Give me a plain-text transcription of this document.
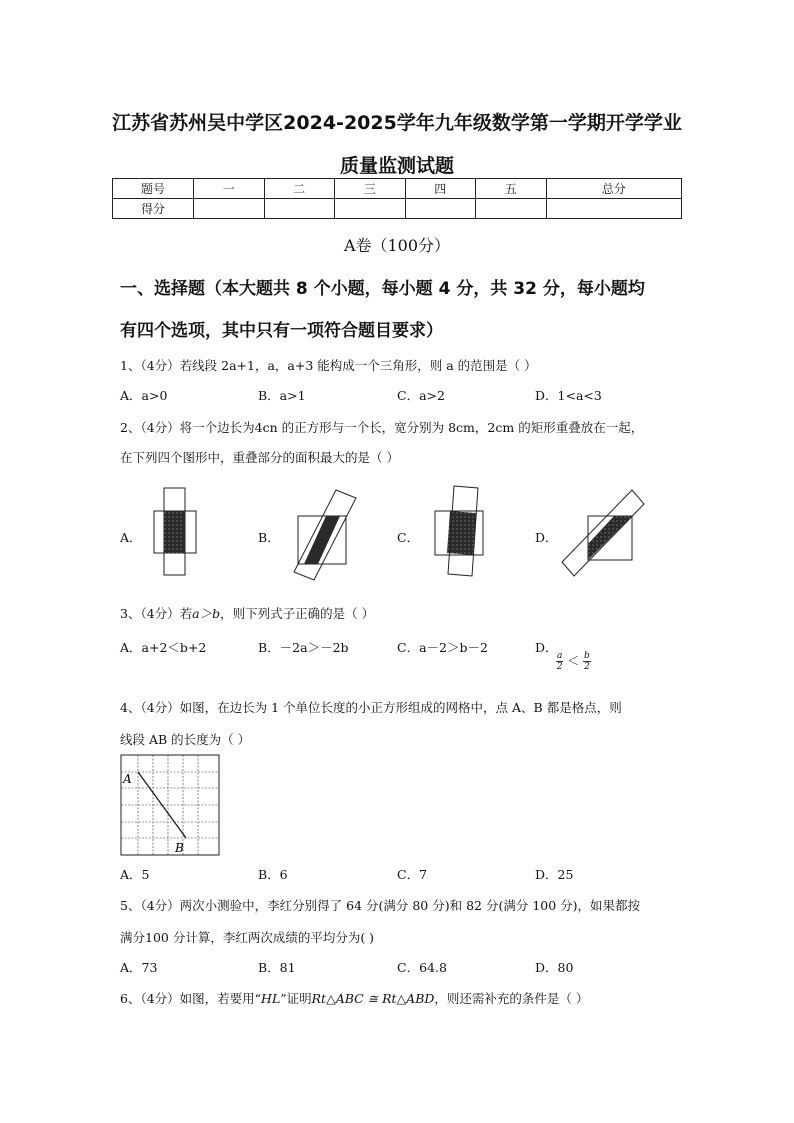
江苏省苏州吴中学区2024-2025学年九年级数学第一学期开学学业
质量监测试题
题号	一	二	三	四	五	总分
得分						
A卷（100分）
一、选择题（本大题共 8 个小题，每小题 4 分，共 32 分，每小题均
有四个选项，其中只有一项符合题目要求）
1、（4分）若线段 2a+1，a，a+3 能构成一个三角形，则 a 的范围是（ ）
A．a>0	B．a>1	C．a>2	D．1<a<3
2、（4分）将一个边长为4cn 的正方形与一个长，宽分别为 8cm，2cm 的矩形重叠放在一起，
在下列四个图形中，重叠部分的面积最大的是（ ）
A．	B．	C．	D．
3、（4分）若a＞b，则下列式子正确的是（ ）
A．a+2＜b+2	B．－2a＞－2b	C．a－2＞b－2	D．
$\frac{a}{2} < \frac{b}{2}$
4、（4分）如图，在边长为 1 个单位长度的小正方形组成的网格中，点 A、B 都是格点，则
线段 AB 的长度为（ ）
A
B
A．5	B．6	C．7	D．25
5、（4分）两次小测验中，李红分别得了 64 分(满分 80 分)和 82 分(满分 100 分)，如果都按
满分100 分计算，李红两次成绩的平均分为( )
A．73	B．81	C．64.8	D．80
6、（4分）如图，若要用“HL”证明Rt△ABC ≅ Rt△ABD，则还需补充的条件是（ ）
